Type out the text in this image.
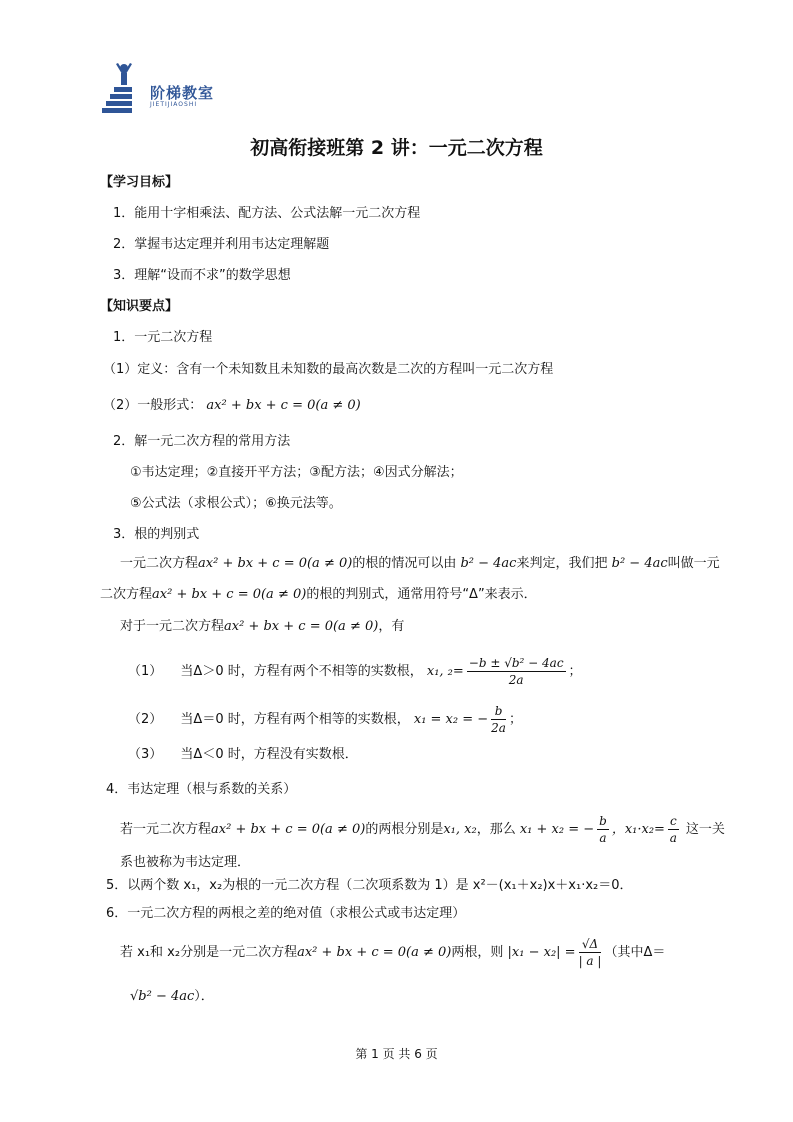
阶梯教室
JIETIJIAOSHI
初高衔接班第 2 讲：一元二次方程
【学习目标】
1．能用十字相乘法、配方法、公式法解一元二次方程
2．掌握韦达定理并利用韦达定理解题
3．理解“设而不求”的数学思想
【知识要点】
1．一元二次方程
（1）定义：含有一个未知数且未知数的最高次数是二次的方程叫一元二次方程
（2）一般形式： ax² + bx + c = 0(a ≠ 0)
2．解一元二次方程的常用方法
①韦达定理；②直接开平方法；③配方法；④因式分解法；
⑤公式法（求根公式）；⑥换元法等。
3．根的判别式
一元二次方程ax² + bx + c = 0(a ≠ 0)的根的情况可以由 b² − 4ac来判定，我们把 b² − 4ac叫做一元
二次方程ax² + bx + c = 0(a ≠ 0)的根的判别式，通常用符号“Δ”来表示．
对于一元二次方程ax² + bx + c = 0(a ≠ 0)，有
（1） 当Δ＞0 时，方程有两个不相等的实数根， x₁, $_2= \frac{\text{−b ± √b² − 4ac}}{2a}$ ；
（2） 当Δ＝0 时，方程有两个相等的实数根， x₁ = x₂ = − $\frac{b}{2a}$ ；
（3） 当Δ＜0 时，方程没有实数根．
4．韦达定理（根与系数的关系）
若一元二次方程ax² + bx + c = 0(a ≠ 0)的两根分别是x₁, x₂，那么 x₁ + x₂ = − $\frac{b}{a}$ ，$x_1\cdot x_2= \frac{c}{a}$ 这一关
系也被称为韦达定理．
5．以两个数 x₁，x₂为根的一元二次方程（二次项系数为 1）是 x²－(x₁＋x₂)x＋x₁·x₂＝0．
6．一元二次方程的两根之差的绝对值（求根公式或韦达定理）
若 x₁和 x₂分别是一元二次方程ax² + bx + c = 0(a ≠ 0)两根，则 $|x_1 - x_2| = \frac{√\Delta}{| a |}$ （其中Δ＝
√b² − 4ac）．
第 1 页 共 6 页
